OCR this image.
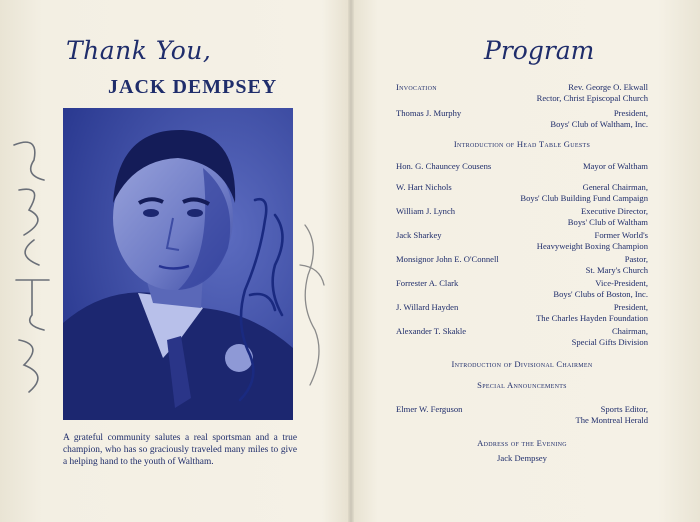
Thank You,
JACK DEMPSEY
A grateful community salutes a real sportsman and a true champion, who has so graciously traveled many miles to give a helping hand to the youth of Waltham.
Program
Invocation	Rev. George O. Ekwall
Rector, Christ Episcopal Church
Thomas J. Murphy	President,
Boys' Club of Waltham, Inc.
Introduction of Head Table Guests
Hon. G. Chauncey Cousens	Mayor of Waltham
W. Hart Nichols	General Chairman,
Boys' Club Building Fund Campaign
William J. Lynch	Executive Director,
Boys' Club of Waltham
Jack Sharkey	Former World's
Heavyweight Boxing Champion
Monsignor John E. O'Connell	Pastor,
St. Mary's Church
Forrester A. Clark	Vice-President,
Boys' Clubs of Boston, Inc.
J. Willard Hayden	President,
The Charles Hayden Foundation
Alexander T. Skakle	Chairman,
Special Gifts Division
Introduction of Divisional Chairmen
Special Announcements
Elmer W. Ferguson	Sports Editor,
The Montreal Herald
Address of the Evening
Jack Dempsey
